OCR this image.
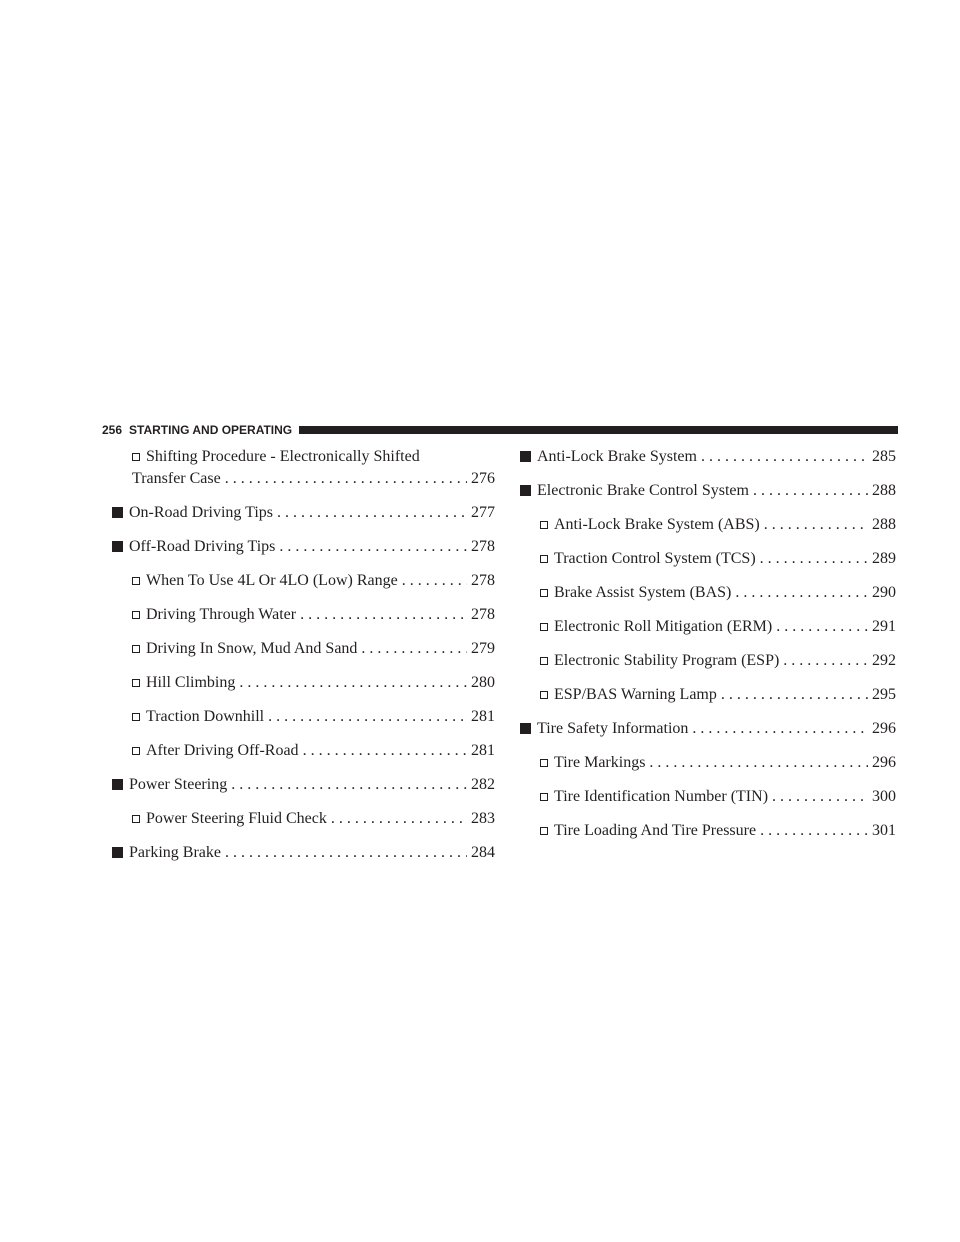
256 STARTING AND OPERATING
Shifting Procedure - Electronically Shifted
Transfer Case . . .	276
On-Road Driving Tips . . .	277
Off-Road Driving Tips . . .	278
When To Use 4L Or 4LO (Low) Range . . .	278
Driving Through Water . . .	278
Driving In Snow, Mud And Sand . . .	279
Hill Climbing . . .	280
Traction Downhill . . .	281
After Driving Off-Road . . .	281
Power Steering . . .	282
Power Steering Fluid Check . . .	283
Parking Brake . . .	284
Anti-Lock Brake System . . .	285
Electronic Brake Control System . . .	288
Anti-Lock Brake System (ABS) . . .	288
Traction Control System (TCS) . . .	289
Brake Assist System (BAS) . . .	290
Electronic Roll Mitigation (ERM) . . .	291
Electronic Stability Program (ESP) . . .	292
ESP/BAS Warning Lamp . . .	295
Tire Safety Information . . .	296
Tire Markings . . .	296
Tire Identification Number (TIN) . . .	300
Tire Loading And Tire Pressure . . .	301
